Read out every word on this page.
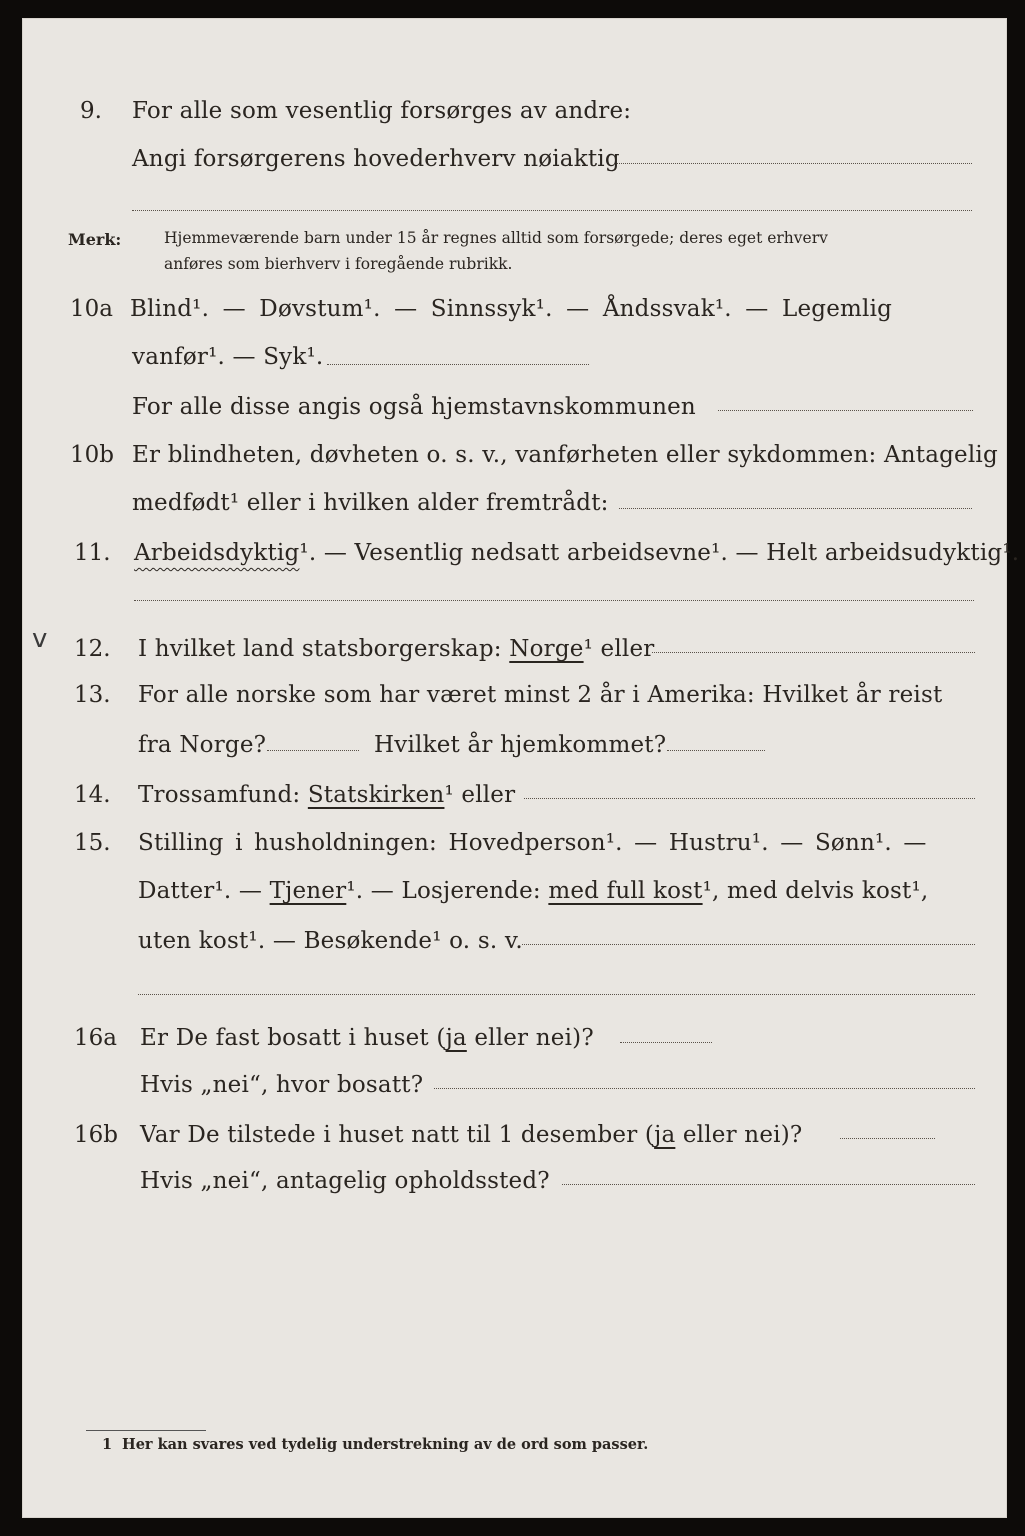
9. For alle som vesentlig forsørges av andre:
Angi forsørgerens hovederhverv nøiaktig
Merk:	Hjemmeværende barn under 15 år regnes alltid som forsørgede; deres eget erhverv
anføres som bierhverv i foregående rubrikk.
10a Blind¹. — Døvstum¹. — Sinnssyk¹. — Åndssvak¹. — Legemlig
vanfør¹. — Syk¹.
For alle disse angis også hjemstavnskommunen
10b Er blindheten, døvheten o. s. v., vanførheten eller sykdommen: Antagelig
medfødt¹ eller i hvilken alder fremtrådt:
11. Arbeidsdyktig¹. — Vesentlig nedsatt arbeidsevne¹. — Helt arbeidsudyktig¹.
v 12. I hvilket land statsborgerskap: Norge¹ eller
13. For alle norske som har været minst 2 år i Amerika: Hvilket år reist
fra Norge?	Hvilket år hjemkommet?
14. Trossamfund: Statskirken¹ eller
15. Stilling i husholdningen: Hovedperson¹. — Hustru¹. — Sønn¹. —
Datter¹. — Tjener¹. — Losjerende: med full kost¹, med delvis kost¹,
uten kost¹. — Besøkende¹ o. s. v.
16a Er De fast bosatt i huset (ja eller nei)?
Hvis „nei“, hvor bosatt?
16b Var De tilstede i huset natt til 1 desember (ja eller nei)?
Hvis „nei“, antagelig opholdssted?
1 Her kan svares ved tydelig understrekning av de ord som passer.
